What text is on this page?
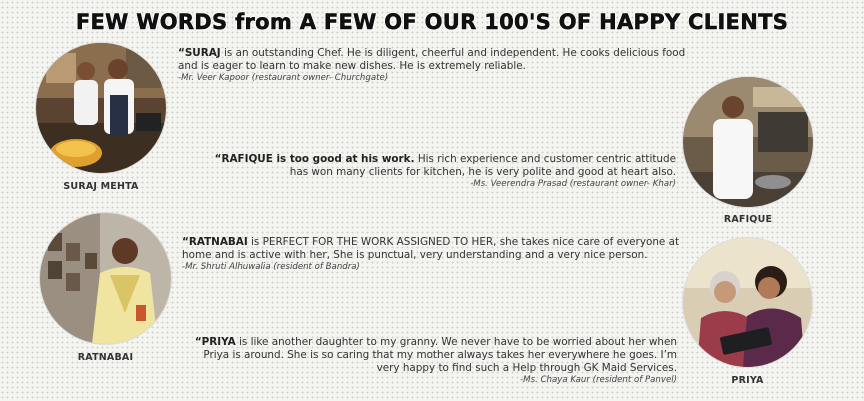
FEW WORDS from A FEW OF OUR 100'S OF HAPPY CLIENTS
SURAJ MEHTA

“SURAJ is an outstanding Chef. He is diligent, cheerful and independent. He cooks delicious food and is eager to learn to make new dishes. He is extremely reliable.

-Mr. Veer Kapoor (restaurant owner- Churchgate)

RAFIQUE

“RAFIQUE is too good at his work. His rich experience and customer centric attitude has won many clients for kitchen, he is very polite and good at heart also.

-Ms. Veerendra Prasad (restaurant owner- Khar)

RATNABAI

“RATNABAI is PERFECT FOR THE WORK ASSIGNED TO HER, she takes nice care of everyone at home and is active with her, She is punctual, very understanding and a very nice person.

-Mr. Shruti Alhuwalia (resident of Bandra)

PRIYA

“PRIYA is like another daughter to my granny. We never have to be worried about her when Priya is around. She is so caring that my mother always takes her everywhere he goes. I’m very happy to find such a Help through GK Maid Services.

-Ms. Chaya Kaur (resident of Panvel)
